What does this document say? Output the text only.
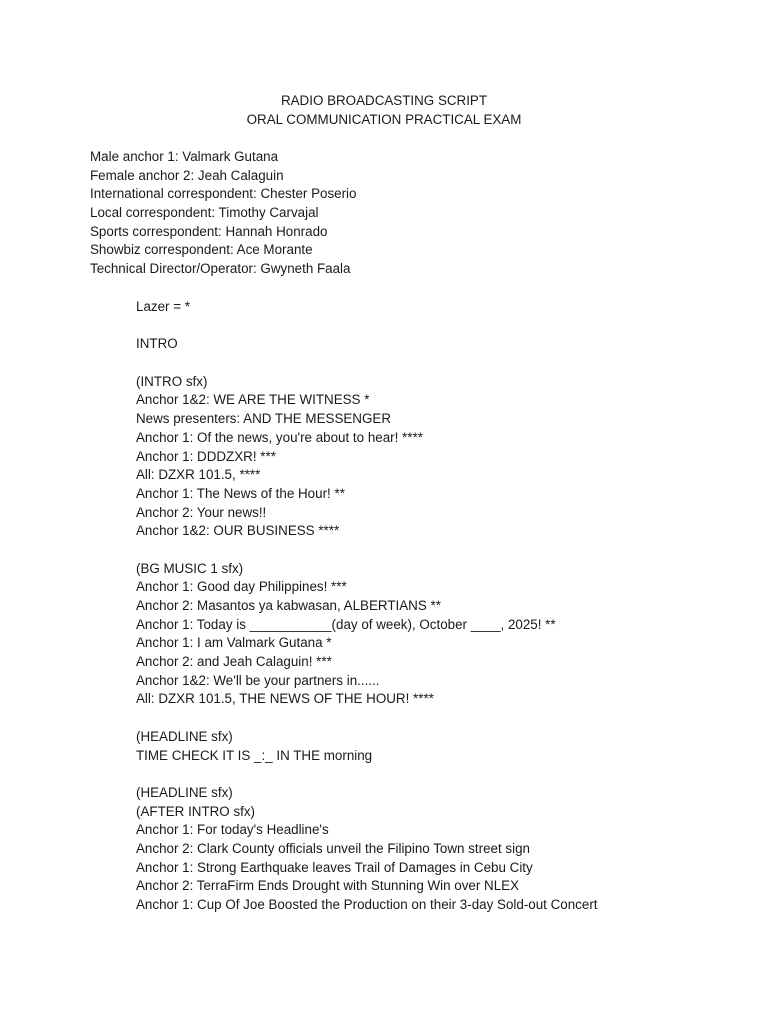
RADIO BROADCASTING SCRIPT
ORAL COMMUNICATION PRACTICAL EXAM
Male anchor 1: Valmark Gutana
Female anchor 2: Jeah Calaguin
International correspondent: Chester Poserio
Local correspondent: Timothy Carvajal
Sports correspondent: Hannah Honrado
Showbiz correspondent: Ace Morante
Technical Director/Operator: Gwyneth Faala
Lazer = *
INTRO
(INTRO sfx)
Anchor 1&2: WE ARE THE WITNESS *
News presenters: AND THE MESSENGER
Anchor 1: Of the news, you're about to hear! ****
Anchor 1: DDDZXR! ***
All: DZXR 101.5, ****
Anchor 1: The News of the Hour! **
Anchor 2: Your news!!
Anchor 1&2: OUR BUSINESS ****
(BG MUSIC 1 sfx)
Anchor 1: Good day Philippines! ***
Anchor 2: Masantos ya kabwasan, ALBERTIANS **
Anchor 1: Today is ___________(day of week), October ____, 2025! **
Anchor 1: I am Valmark Gutana *
Anchor 2: and Jeah Calaguin! ***
Anchor 1&2: We'll be your partners in......
All: DZXR 101.5, THE NEWS OF THE HOUR! ****
(HEADLINE sfx)
TIME CHECK IT IS _:_ IN THE morning
(HEADLINE sfx)
(AFTER INTRO sfx)
Anchor 1: For today's Headline's
Anchor 2: Clark County officials unveil the Filipino Town street sign
Anchor 1: Strong Earthquake leaves Trail of Damages in Cebu City
Anchor 2: TerraFirm Ends Drought with Stunning Win over NLEX
Anchor 1: Cup Of Joe Boosted the Production on their 3-day Sold-out Concert
